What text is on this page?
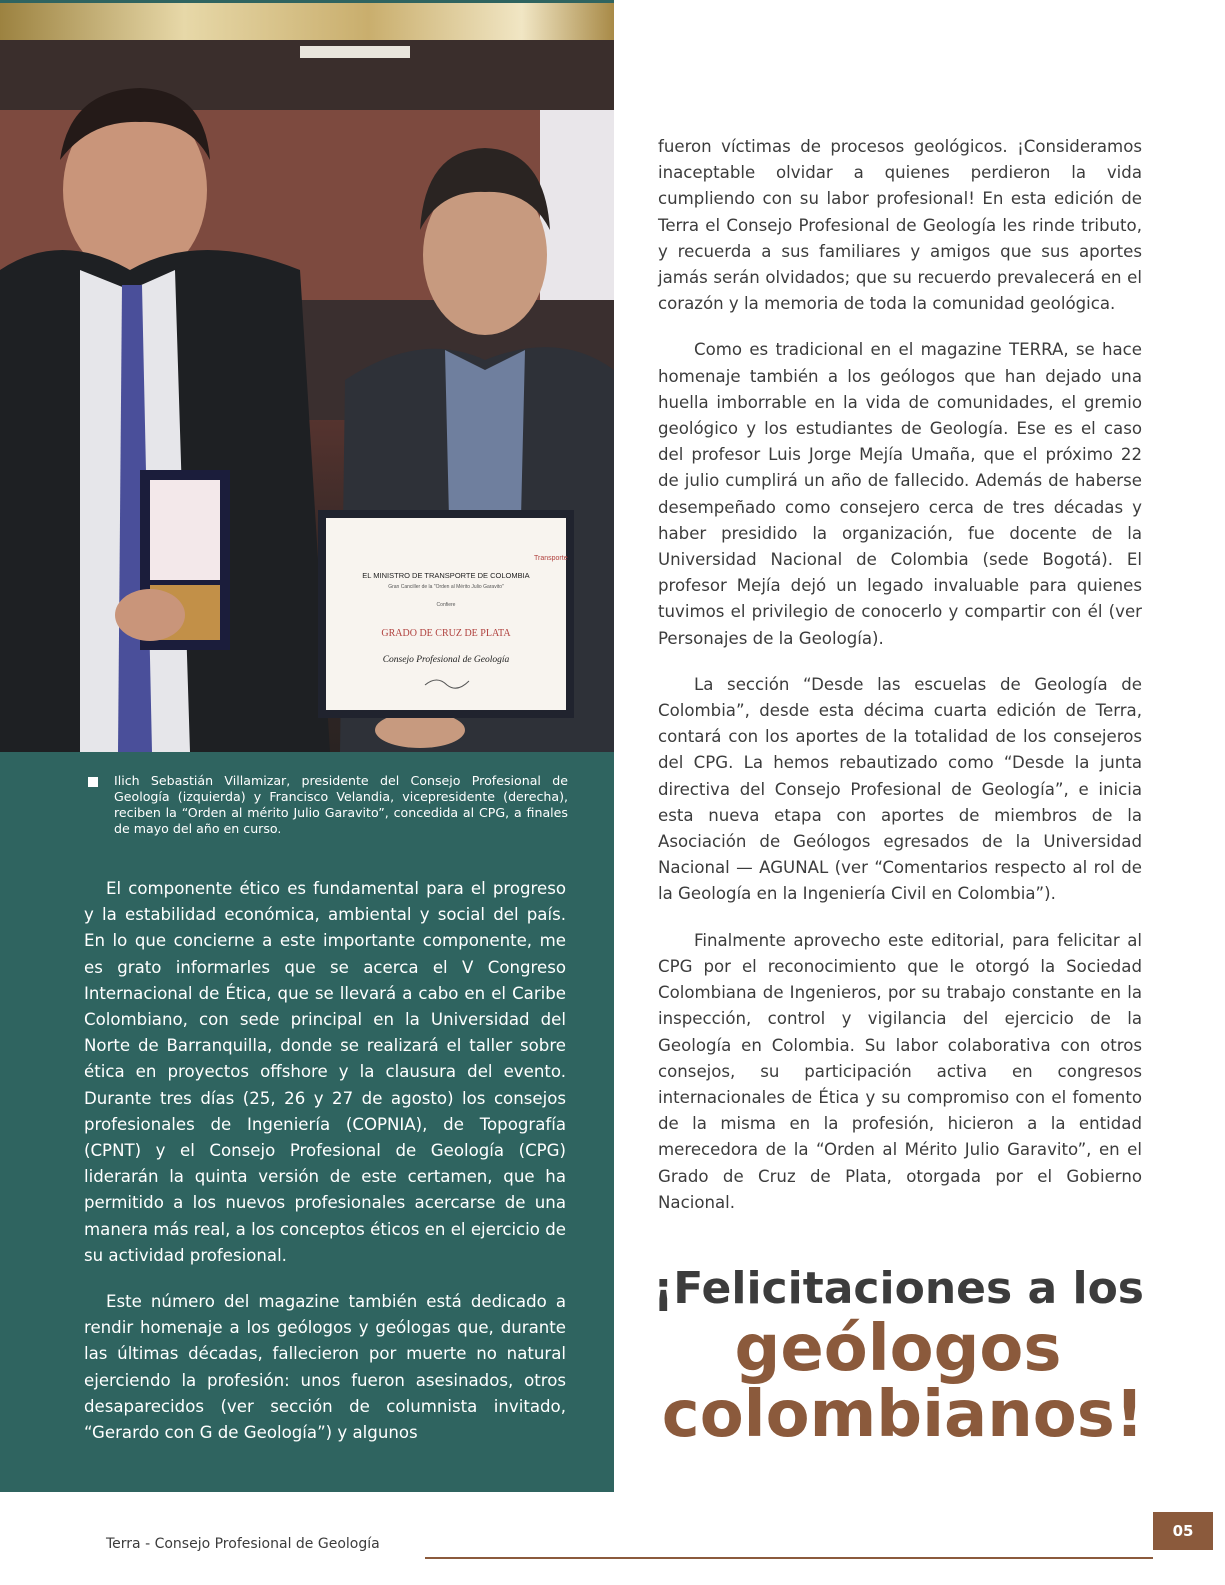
Transporte
EL MINISTRO DE TRANSPORTE DE COLOMBIA
Gran Canciller de la "Orden al Mérito Julio Garavito"
Confiere
GRADO DE CRUZ DE PLATA
Consejo Profesional de Geología
Ilich Sebastián Villamizar, presidente del Consejo Profesional de Geología (izquierda) y Francisco Velandia, vicepresidente (derecha), reciben la “Orden al mérito Julio Garavito”, concedida al CPG, a finales de mayo del año en curso.

El componente ético es fundamental para el progreso y la estabilidad económica, ambiental y social del país. En lo que concierne a este importante componente, me es grato informarles que se acerca el V Congreso Internacional de Ética, que se llevará a cabo en el Caribe Colombiano, con sede principal en la Universidad del Norte de Barranquilla, donde se realizará el taller sobre ética en proyectos offshore y la clausura del evento. Durante tres días (25, 26 y 27 de agosto) los consejos profesionales de Ingeniería (COPNIA), de Topografía (CPNT) y el Consejo Profesional de Geología (CPG) liderarán la quinta versión de este certamen, que ha permitido a los nuevos profesionales acercarse de una manera más real, a los conceptos éticos en el ejercicio de su actividad profesional.

Este número del magazine también está dedicado a rendir homenaje a los geólogos y geólogas que, durante las últimas décadas, fallecieron por muerte no natural ejerciendo la profesión: unos fueron asesinados, otros desaparecidos (ver sección de columnista invitado, “Gerardo con G de Geología”) y algunos

fueron víctimas de procesos geológicos. ¡Consideramos inaceptable olvidar a quienes perdieron la vida cumpliendo con su labor profesional! En esta edición de Terra el Consejo Profesional de Geología les rinde tributo, y recuerda a sus familiares y amigos que sus aportes jamás serán olvidados; que su recuerdo prevalecerá en el corazón y la memoria de toda la comunidad geológica.

Como es tradicional en el magazine TERRA, se hace homenaje también a los geólogos que han dejado una huella imborrable en la vida de comunidades, el gremio geológico y los estudiantes de Geología. Ese es el caso del profesor Luis Jorge Mejía Umaña, que el próximo 22 de julio cumplirá un año de fallecido. Además de haberse desempeñado como consejero cerca de tres décadas y haber presidido la organización, fue docente de la Universidad Nacional de Colombia (sede Bogotá). El profesor Mejía dejó un legado invaluable para quienes tuvimos el privilegio de conocerlo y compartir con él (ver Personajes de la Geología).

La sección “Desde las escuelas de Geología de Colombia”, desde esta décima cuarta edición de Terra, contará con los aportes de la totalidad de los consejeros del CPG. La hemos rebautizado como “Desde la junta directiva del Consejo Profesional de Geología”, e inicia esta nueva etapa con aportes de miembros de la Asociación de Geólogos egresados de la Universidad Nacional — AGUNAL (ver “Comentarios respecto al rol de la Geología en la Ingeniería Civil en Colombia”).

Finalmente aprovecho este editorial, para felicitar al CPG por el reconocimiento que le otorgó la Sociedad Colombiana de Ingenieros, por su trabajo constante en la inspección, control y vigilancia del ejercicio de la Geología en Colombia. Su labor colaborativa con otros consejos, su participación activa en congresos internacionales de Ética y su compromiso con el fomento de la misma en la profesión, hicieron a la entidad merecedora de la “Orden al Mérito Julio Garavito”, en el Grado de Cruz de Plata, otorgada por el Gobierno Nacional.

¡Felicitaciones a los
geólogos
colombianos!
Terra - Consejo Profesional de Geología
05
